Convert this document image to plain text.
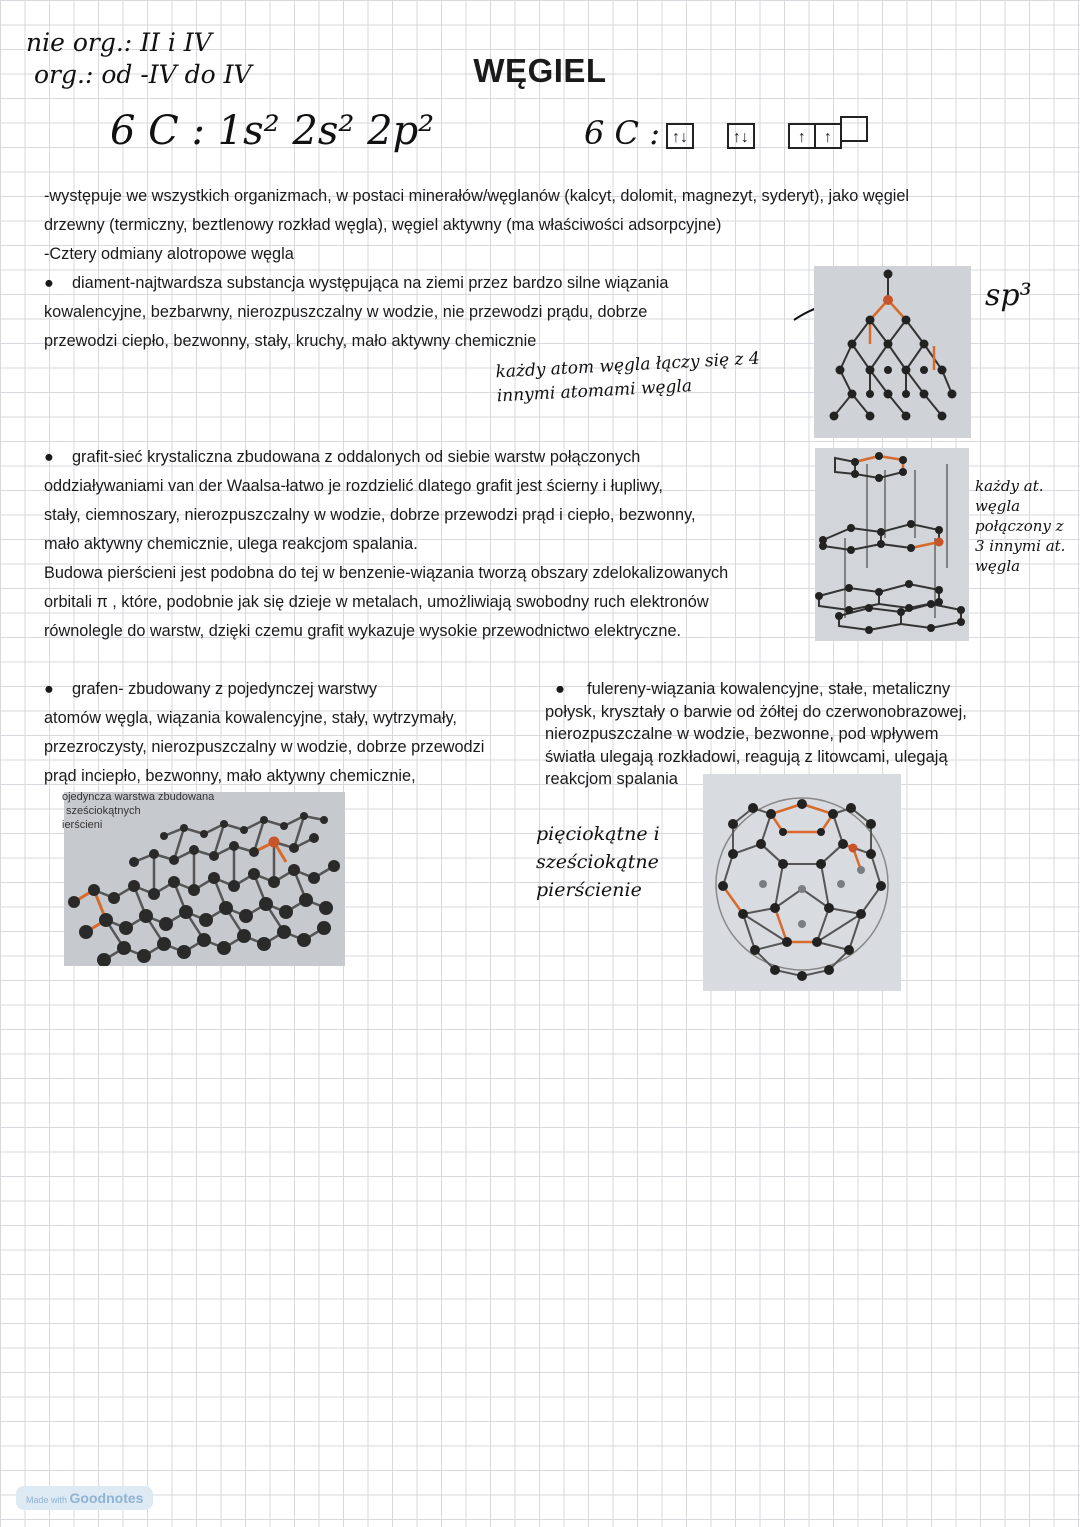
nie org.: II i IV
org.: od -IV do IV	WĘGIEL
6 C : 1s² 2s² 2p²	6 C : ↑↓	↑↓	↑ ↑
-występuje we wszystkich organizmach, w postaci minerałów/węglanów (kalcyt, dolomit, magnezyt, syderyt), jako węgiel
drzewny (termiczny, beztlenowy rozkład węgla), węgiel aktywny (ma właściwości adsorpcyjne)
-Cztery odmiany alotropowe węgla
● diament-najtwardsza substancja występująca na ziemi przez bardzo silne wiązania
kowalencyjne, bezbarwny, nierozpuszczalny w wodzie, nie przewodzi prądu, dobrze
przewodzi ciepło, bezwonny, stały, kruchy, mało aktywny chemicznie
każdy atom węgla łączy się z 4 innymi atomami węgla
sp³
● grafit-sieć krystaliczna zbudowana z oddalonych od siebie warstw połączonych
oddziaływaniami van der Waalsa-łatwo je rozdzielić dlatego grafit jest ścierny i łupliwy,
stały, ciemnoszary, nierozpuszczalny w wodzie, dobrze przewodzi prąd i ciepło, bezwonny,
mało aktywny chemicznie, ulega reakcjom spalania.
Budowa pierścieni jest podobna do tej w benzenie-wiązania tworzą obszary zdelokalizowanych
orbitali π , które, podobnie jak się dzieje w metalach, umożliwiają swobodny ruch elektronów
równolegle do warstw, dzięki czemu grafit wykazuje wysokie przewodnictwo elektryczne.
każdy at. węgla połączony z 3 innymi at. węgla
● grafen- zbudowany z pojedynczej warstwy
atomów węgla, wiązania kowalencyjne, stały, wytrzymały,
przezroczysty, nierozpuszczalny w wodzie, dobrze przewodzi
prąd inciepło, bezwonny, mało aktywny chemicznie,
ojedyncza warstwa zbudowana
sześciokątnych
ierścieni
● fulereny-wiązania kowalencyjne, stałe, metaliczny
połysk, kryształy o barwie od żółtej do czerwonobrazowej,
nierozpuszczalne w wodzie, bezwonne, pod wpływem
światła ulegają rozkładowi, reagują z litowcami, ulegają
reakcjom spalania
pięciokątne i sześciokątne pierścienie
Made with Goodnotes
